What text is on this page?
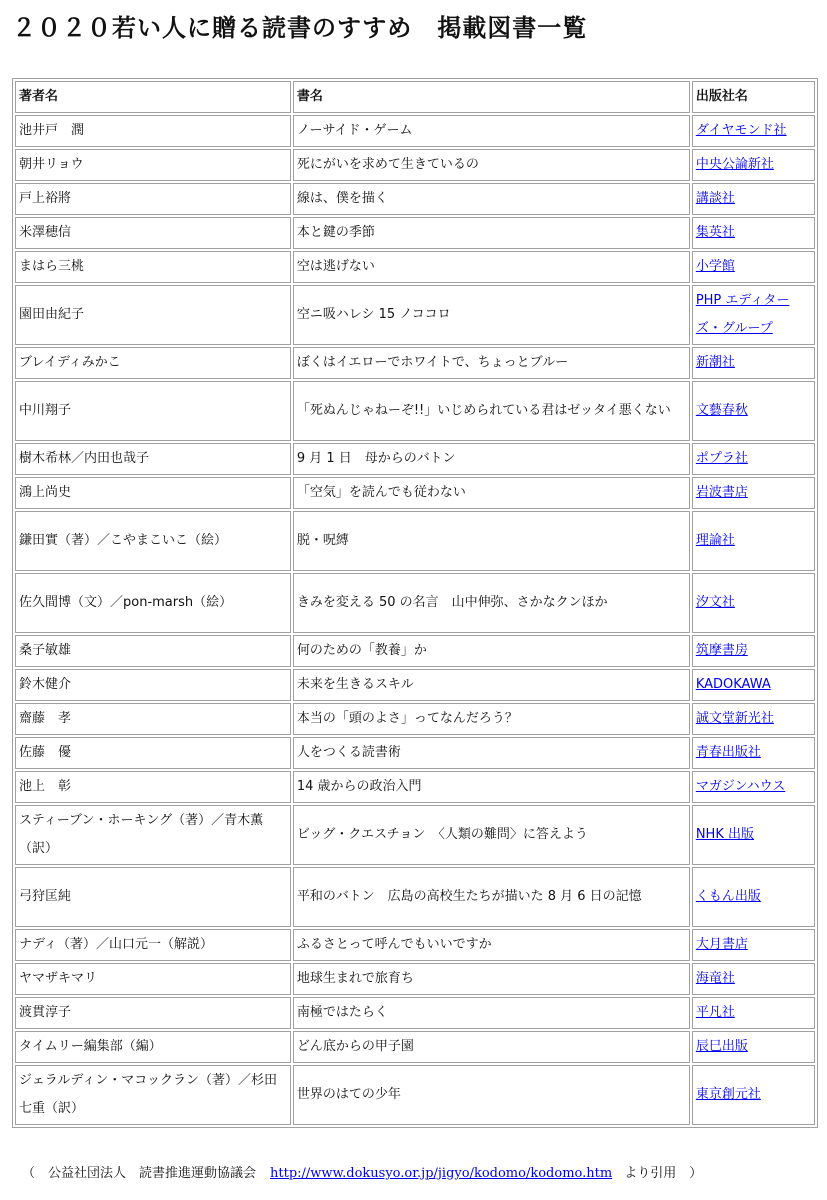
２０２０若い人に贈る読書のすすめ　掲載図書一覧
著者名	書名	出版社名
池井戸　潤	ノーサイド・ゲーム	ダイヤモンド社
朝井リョウ	死にがいを求めて生きているの	中央公論新社
戸上裕將	線は、僕を描く	講談社
米澤穂信	本と鍵の季節	集英社
まはら三桃	空は逃げない	小学館
園田由紀子	空ニ吸ハレシ 15 ノココロ	PHP エディターズ・グループ
ブレイディみかこ	ぼくはイエローでホワイトで、ちょっとブルー	新潮社
中川翔子	「死ぬんじゃねーぞ!!」いじめられている君はゼッタイ悪くない	文藝春秋
樹木希林／内田也哉子	9 月 1 日　母からのバトン	ポプラ社
鴻上尚史	「空気」を読んでも従わない	岩波書店
鎌田實（著）／こやまこいこ（絵）	脱・呪縛	理論社
佐久間博（文）／pon-marsh（絵）	きみを変える 50 の名言　山中伸弥、さかなクンほか	汐文社
桑子敏雄	何のための「教養」か	筑摩書房
鈴木健介	未来を生きるスキル	KADOKAWA
齋藤　孝	本当の「頭のよさ」ってなんだろう？	誠文堂新光社
佐藤　優	人をつくる読書術	青春出版社
池上　彰	14 歳からの政治入門	マガジンハウス
スティーブン・ホーキング（著）／青木薫（訳）	ビッグ・クエスチョン　〈人類の難問〉に答えよう	NHK 出版
弓狩匡純	平和のバトン　広島の高校生たちが描いた 8 月 6 日の記憶	くもん出版
ナディ（著）／山口元一（解説）	ふるさとって呼んでもいいですか	大月書店
ヤマザキマリ	地球生まれで旅育ち	海竜社
渡貫淳子	南極ではたらく	平凡社
タイムリー編集部（編）	どん底からの甲子園	辰巳出版
ジェラルディン・マコックラン（著）／杉田七重（訳）	世界のはての少年	東京創元社
（　公益社団法人　読書推進運動協議会 http://www.dokusyo.or.jp/jigyo/kodomo/kodomo.htm より引用　）
